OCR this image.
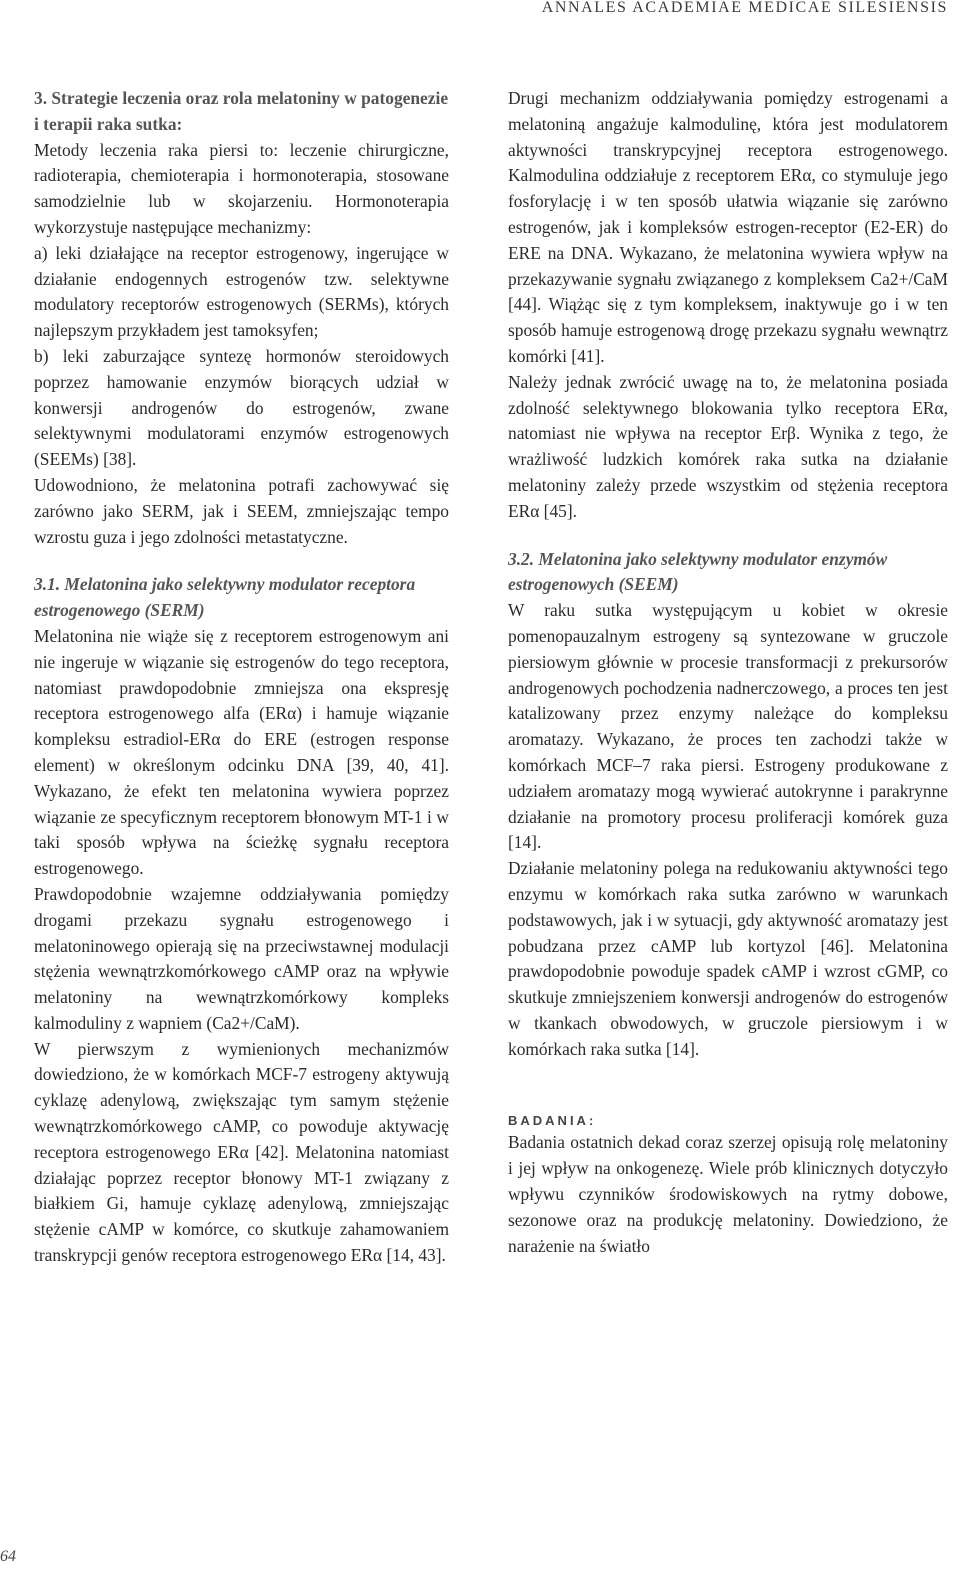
ANNALES ACADEMIAE MEDICAE SILESIENSIS

3. Strategie leczenia oraz rola melatoniny w patogenezie i terapii raka sutka:

Metody leczenia raka piersi to: leczenie chirurgiczne, radioterapia, chemioterapia i hormonoterapia, stosowane samodzielnie lub w skojarzeniu. Hormonoterapia wykorzystuje następujące mechanizmy:

a) leki działające na receptor estrogenowy, ingerujące w działanie endogennych estrogenów tzw. selektywne modulatory receptorów estrogenowych (SERMs), których najlepszym przykładem jest tamoksyfen;

b) leki zaburzające syntezę hormonów steroidowych poprzez hamowanie enzymów biorących udział w konwersji androgenów do estrogenów, zwane selektywnymi modulatorami enzymów estrogenowych (SEEMs) [38].

Udowodniono, że melatonina potrafi zachowywać się zarówno jako SERM, jak i SEEM, zmniejszając tempo wzrostu guza i jego zdolności metastatyczne.

3.1. Melatonina jako selektywny modulator receptora estrogenowego (SERM)

Melatonina nie wiąże się z receptorem estrogenowym ani nie ingeruje w wiązanie się estrogenów do tego receptora, natomiast prawdopodobnie zmniejsza ona ekspresję receptora estrogenowego alfa (ERα) i hamuje wiązanie kompleksu estradiol-ERα do ERE (estrogen response element) w określonym odcinku DNA [39, 40, 41]. Wykazano, że efekt ten melatonina wywiera poprzez wiązanie ze specyficznym receptorem błonowym MT-1 i w taki sposób wpływa na ścieżkę sygnału receptora estrogenowego.

Prawdopodobnie wzajemne oddziaływania pomiędzy drogami przekazu sygnału estrogenowego i melatoninowego opierają się na przeciwstawnej modulacji stężenia wewnątrzkomórkowego cAMP oraz na wpływie melatoniny na wewnątrzkomórkowy kompleks kalmoduliny z wapniem (Ca2+/CaM).

W pierwszym z wymienionych mechanizmów dowiedziono, że w komórkach MCF-7 estrogeny aktywują cyklazę adenylową, zwiększając tym samym stężenie wewnątrzkomórkowego cAMP, co powoduje aktywację receptora estrogenowego ERα [42]. Melatonina natomiast działając poprzez receptor błonowy MT-1 związany z białkiem Gi, hamuje cyklazę adenylową, zmniejszając stężenie cAMP w komórce, co skutkuje zahamowaniem transkrypcji genów receptora estrogenowego ERα [14, 43].

Drugi mechanizm oddziaływania pomiędzy estrogenami a melatoniną angażuje kalmodulinę, która jest modulatorem aktywności transkrypcyjnej receptora estrogenowego. Kalmodulina oddziałuje z receptorem ERα, co stymuluje jego fosforylację i w ten sposób ułatwia wiązanie się zarówno estrogenów, jak i kompleksów estrogen-receptor (E2-ER) do ERE na DNA. Wykazano, że melatonina wywiera wpływ na przekazywanie sygnału związanego z kompleksem Ca2+/CaM [44]. Wiążąc się z tym kompleksem, inaktywuje go i w ten sposób hamuje estrogenową drogę przekazu sygnału wewnątrz komórki [41].

Należy jednak zwrócić uwagę na to, że melatonina posiada zdolność selektywnego blokowania tylko receptora ERα, natomiast nie wpływa na receptor Erβ. Wynika z tego, że wrażliwość ludzkich komórek raka sutka na działanie melatoniny zależy przede wszystkim od stężenia receptora ERα [45].

3.2. Melatonina jako selektywny modulator enzymów estrogenowych (SEEM)

W raku sutka występującym u kobiet w okresie pomenopauzalnym estrogeny są syntezowane w gruczole piersiowym głównie w procesie transformacji z prekursorów androgenowych pochodzenia nadnerczowego, a proces ten jest katalizowany przez enzymy należące do kompleksu aromatazy. Wykazano, że proces ten zachodzi także w komórkach MCF–7 raka piersi. Estrogeny produkowane z udziałem aromatazy mogą wywierać autokrynne i parakrynne działanie na promotory procesu proliferacji komórek guza [14].

Działanie melatoniny polega na redukowaniu aktywności tego enzymu w komórkach raka sutka zarówno w warunkach podstawowych, jak i w sytuacji, gdy aktywność aromatazy jest pobudzana przez cAMP lub kortyzol [46]. Melatonina prawdopodobnie powoduje spadek cAMP i wzrost cGMP, co skutkuje zmniejszeniem konwersji androgenów do estrogenów w tkankach obwodowych, w gruczole piersiowym i w komórkach raka sutka [14].

BADANIA:

Badania ostatnich dekad coraz szerzej opisują rolę melatoniny i jej wpływ na onkogenezę. Wiele prób klinicznych dotyczyło wpływu czynników środowiskowych na rytmy dobowe, sezonowe oraz na produkcję melatoniny. Dowiedziono, że narażenie na światło

64
